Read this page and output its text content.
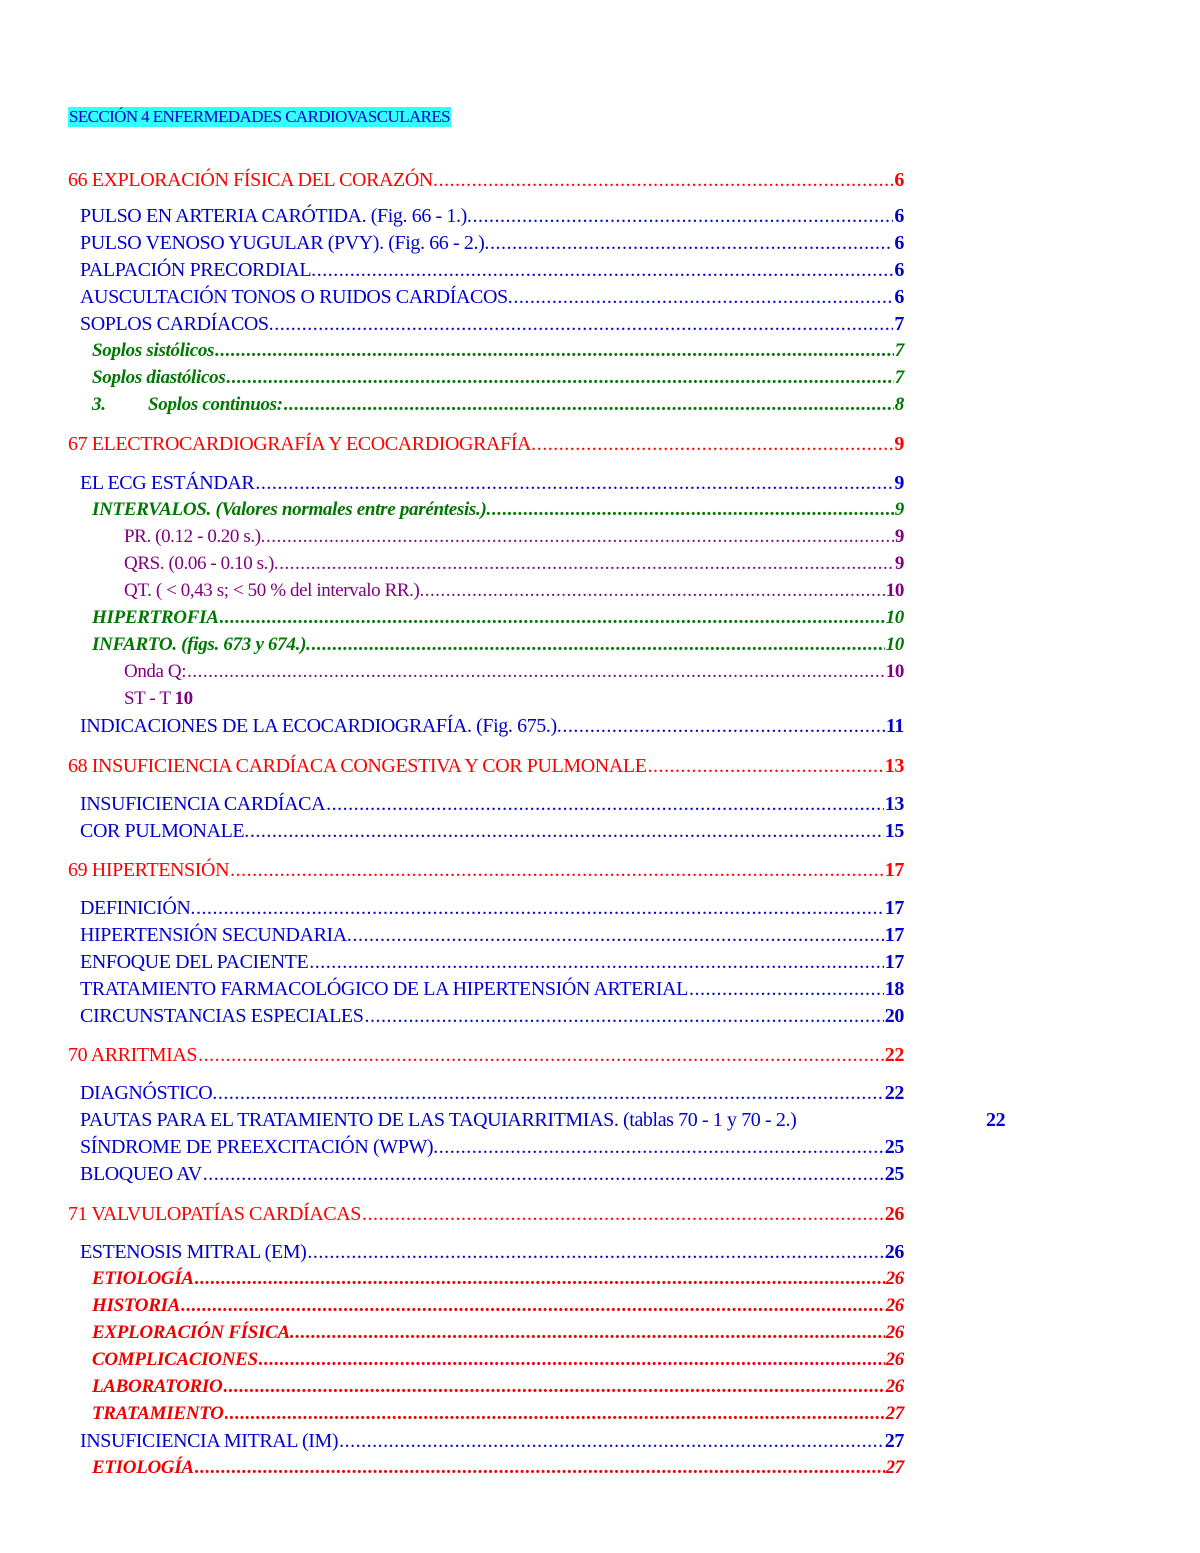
SECCIÓN 4 ENFERMEDADES CARDIOVASCULARES
66 EXPLORACIÓN FÍSICA DEL CORAZÓN. .....	6
PULSO EN ARTERIA CARÓTIDA. (Fig. 66 - 1.). .....	6
PULSO VENOSO YUGULAR (PVY). (Fig. 66 - 2.). .....	6
PALPACIÓN PRECORDIAL. .....	6
AUSCULTACIÓN TONOS O RUIDOS CARDÍACOS. .....	6
SOPLOS CARDÍACOS. .....	7
Soplos sistólicos .....	7
Soplos diastólicos .....	7
3. Soplos continuos: .....	8
67 ELECTROCARDIOGRAFÍA Y ECOCARDIOGRAFÍA. .....	9
EL ECG ESTÁNDAR .....	9
INTERVALOS. (Valores normales entre paréntesis.). .....	9
PR. (0.12 - 0.20 s.). .....	9
QRS. (0.06 - 0.10 s.). .....	9
QT. ( < 0,43 s; < 50 % del intervalo RR.). .....	10
HIPERTROFIA .....	10
INFARTO. (figs. 673 y 674.). .....	10
Onda Q: .....	10
ST - T 10
INDICACIONES DE LA ECOCARDIOGRAFÍA. (Fig. 675.). .....	11
68 INSUFICIENCIA CARDÍACA CONGESTIVA Y COR PULMONALE .....	13
INSUFICIENCIA CARDÍACA .....	13
COR PULMONALE. .....	15
69 HIPERTENSIÓN .....	17
DEFINICIÓN. .....	17
HIPERTENSIÓN SECUNDARIA. .....	17
ENFOQUE DEL PACIENTE .....	17
TRATAMIENTO FARMACOLÓGICO DE LA HIPERTENSIÓN ARTERIAL .....	18
CIRCUNSTANCIAS ESPECIALES .....	20
70 ARRITMIAS .....	22
DIAGNÓSTICO. .....	22
PAUTAS PARA EL TRATAMIENTO DE LAS TAQUIARRITMIAS. (tablas 70 - 1 y 70 - 2.)	22
SÍNDROME DE PREEXCITACIÓN (WPW). .....	25
BLOQUEO AV .....	25
71 VALVULOPATÍAS CARDÍACAS .....	26
ESTENOSIS MITRAL (EM) .....	26
ETIOLOGÍA .....	26
HISTORIA .....	26
EXPLORACIÓN FÍSICA. .....	26
COMPLICACIONES .....	26
LABORATORIO .....	26
TRATAMIENTO .....	27
INSUFICIENCIA MITRAL (IM) .....	27
ETIOLOGÍA .....	27
